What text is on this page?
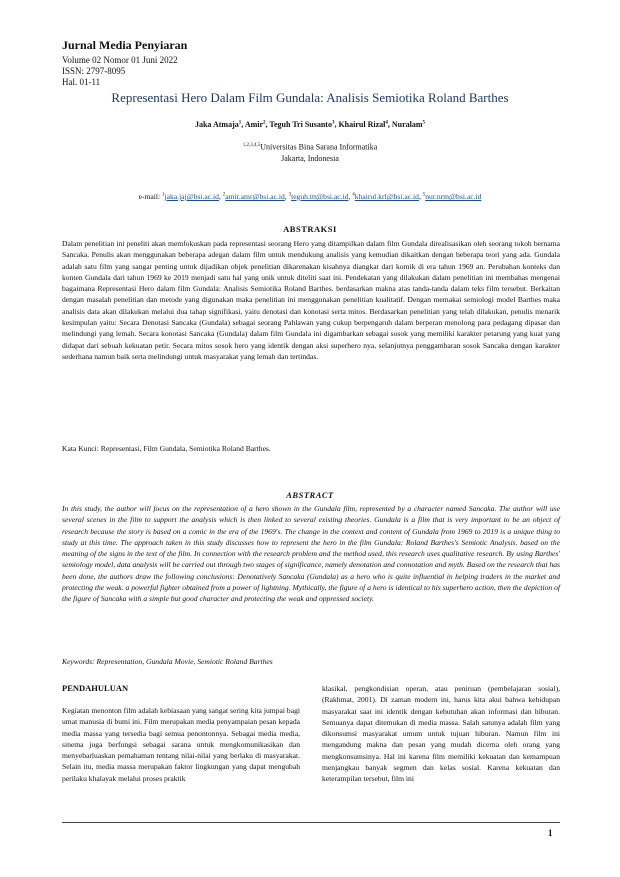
Jurnal Media Penyiaran
Volume 02 Nomor 01 Juni 2022
ISSN: 2797-8095
Hal. 01-11
Representasi Hero Dalam Film Gundala: Analisis Semiotika Roland Barthes
Jaka Atmaja$^1$, Amir$^2$, Teguh Tri Susanto$^3$, Khairul Rizal$^4$, Nuralam$^5$
$^{1,2,3,4,5}$Universitas Bina Sarana Informatika
Jakarta, Indonesia
e-mail: $^1$jaka.jaj@bsi.ac.id, $^2$amir.amr@bsi.ac.id, $^3$teguh.ttt@bsi.ac.id, $^4$khairul.krl@bsi.ac.id, $^5$nur.nrm@bsi.ac.id
ABSTRAKSI
Dalam penelitian ini peneliti akan memfokuskan pada representasi seorang Hero yang ditampilkan dalam film Gundala direalisasikan oleh seorang tokoh bernama Sancaka. Penulis akan menggunakan beberapa adegan dalam film untuk mendukung analisis yang kemudian dikaitkan dengan beberapa teori yang ada. Gundala adalah satu film yang sangat penting untuk dijadikan objek penelitian dikarenakan kisahnya diangkat dari komik di era tahun 1969 an. Perubahan konteks dan konten Gundala dari tahun 1969 ke 2019 menjadi satu hal yang unik untuk diteliti saat ini. Pendekatan yang dilakukan dalam penelitian ini membahas mengenai bagaimana Representasi Hero dalam film Gundala: Analisis Semiotika Roland Barthes. berdasarkan makna atas tanda-tanda dalam teks film tersebut. Berkaitan dengan masalah penelitian dan metode yang digunakan maka penelitian ini menggunakan penelitian kualitatif. Dengan memakai semiologi model Barthes maka analisis data akan dilakukan melalui dua tahap signifikasi, yaitu denotasi dan konotasi serta mitos. Berdasarkan penelitian yang telah dilakukan, penulis menarik kesimpulan yaitu: Secara Denotasi Sancaka (Gundala) sebagai seorang Pahlawan yang cukup berpengaruh dalam berperan menolong para pedagang dipasar dan melindungi yang lemah. Secara konotasi Sancaka (Gundala) dalam film Gundala ini digambarkan sebagai sosok yang memiliki karakter petarung yang kuat yang didapat dari sebuah kekuatan petir. Secara mitos sosok hero yang identik dengan aksi superhero nya, selanjutnya penggambaran sosok Sancaka dengan karakter sederhana namun baik serta melindungi untuk masyarakat yang lemah dan tertindas.
Kata Kunci: Representasi, Film Gundala, Semiotika Roland Barthes.
ABSTRACT
In this study, the author will focus on the representation of a hero shown in the Gundala film, represented by a character named Sancaka. The author will use several scenes in the film to support the analysis which is then linked to several existing theories. Gundala is a film that is very important to be an object of research because the story is based on a comic in the era of the 1969's. The change in the context and content of Gundala from 1969 to 2019 is a unique thing to study at this time. The approach taken in this study discusses how to represent the hero in the film Gundala: Roland Barthes's Semiotic Analysis. based on the meaning of the signs in the text of the film. In connection with the research problem and the method used, this research uses qualitative research. By using Barthes' semiology model, data analysis will be carried out through two stages of significance, namely denotation and connotation and myth. Based on the research that has been done, the authors draw the following conclusions: Denotatively Sancaka (Gundala) as a hero who is quite influential in helping traders in the market and protecting the weak. a powerful fighter obtained from a power of lightning. Mythically, the figure of a hero is identical to his superhero action, then the depiction of the figure of Sancaka with a simple but good character and protecting the weak and oppressed society.
Keywords: Representation, Gundala Movie, Semiotic Roland Barthes
PENDAHULUAN
Kegiatan menonton film adalah kebiasaan yang sangat sering kita jumpai bagi umat manusia di bumi ini. Film merupakan media penyampaian pesan kepada media massa yang tersedia bagi semua penontonnya. Sebagai media media, sinema juga berfungsi sebagai sarana untuk mengkomunikasikan dan menyebarluaskan pemahaman tentang nilai-nilai yang berlaku di masyarakat. Selain itu, media massa merupakan faktor lingkungan yang dapat mengubah perilaku khalayak melalui proses praktik
klasikal, pengkondisian operan, atau peniruan (pembelajaran sosial), (Rakhmat, 2001). Di zaman modern ini, harus kita akui bahwa kehidupan masyarakat saat ini identik dengan kebutuhan akan informasi dan hiburan. Semuanya dapat ditemukan di media massa. Salah satunya adalah film yang dikonsumsi masyarakat umum untuk tujuan hiburan. Namun film ini mengandung makna dan pesan yang mudah dicerna oleh orang yang mengkonsumsinya. Hal ini karena film memiliki kekuatan dan kemampuan menjangkau banyak segmen dan kelas sosial. Karena kekuatan dan keterampilan tersebut, film ini
1
